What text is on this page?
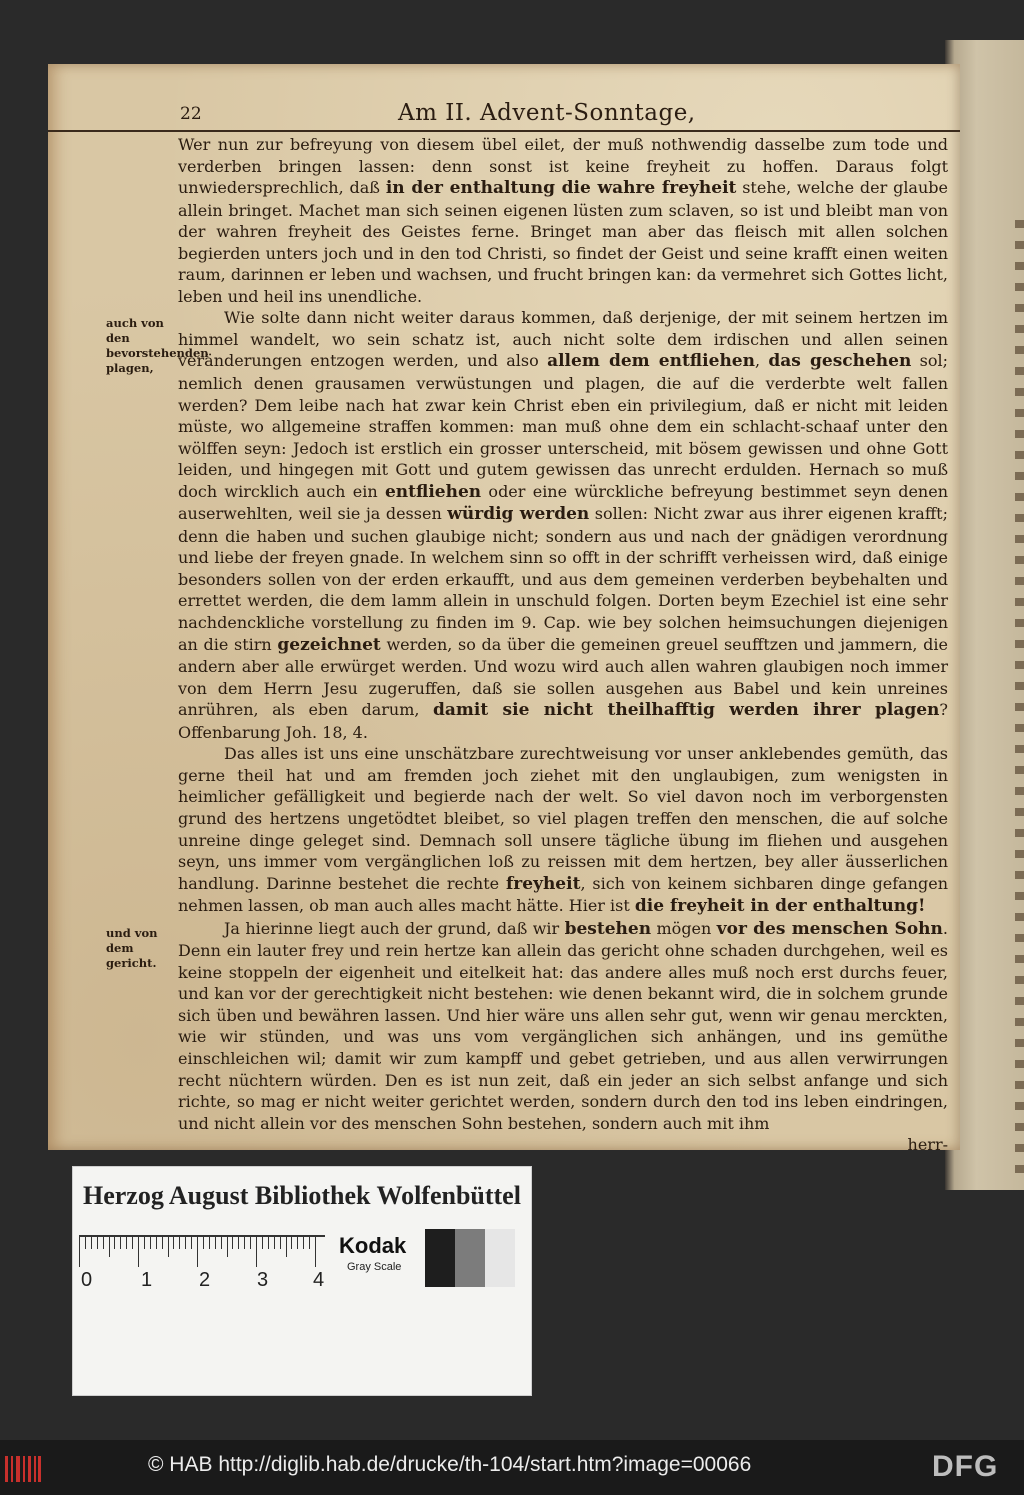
22	Am II. Advent-Sonntage,
auch von den bevorstehenden plagen,
und von dem gericht.

Wer nun zur befreyung von diesem übel eilet, der muß nothwendig dasselbe zum tode und verderben bringen lassen: denn sonst ist keine freyheit zu hoffen. Daraus folgt unwiedersprechlich, daß in der enthaltung die wahre freyheit stehe, welche der glaube allein bringet. Machet man sich seinen eigenen lüsten zum sclaven, so ist und bleibt man von der wahren freyheit des Geistes ferne. Bringet man aber das fleisch mit allen solchen begierden unters joch und in den tod Christi, so findet der Geist und seine krafft einen weiten raum, darinnen er leben und wachsen, und frucht bringen kan: da vermehret sich Gottes licht, leben und heil ins unendliche.

Wie solte dann nicht weiter daraus kommen, daß derjenige, der mit seinem hertzen im himmel wandelt, wo sein schatz ist, auch nicht solte dem irdischen und allen seinen veränderungen entzogen werden, und also allem dem entfliehen, das geschehen sol; nemlich denen grausamen verwüstungen und plagen, die auf die verderbte welt fallen werden? Dem leibe nach hat zwar kein Christ eben ein privilegium, daß er nicht mit leiden müste, wo allgemeine straffen kommen: man muß ohne dem ein schlacht-schaaf unter den wölffen seyn: Jedoch ist erstlich ein grosser unterscheid, mit bösem gewissen und ohne Gott leiden, und hingegen mit Gott und gutem gewissen das unrecht erdulden. Hernach so muß doch wircklich auch ein entfliehen oder eine würckliche befreyung bestimmet seyn denen auserwehlten, weil sie ja dessen würdig werden sollen: Nicht zwar aus ihrer eigenen krafft; denn die haben und suchen glaubige nicht; sondern aus und nach der gnädigen verordnung und liebe der freyen gnade. In welchem sinn so offt in der schrifft verheissen wird, daß einige besonders sollen von der erden erkaufft, und aus dem gemeinen verderben beybehalten und errettet werden, die dem lamm allein in unschuld folgen. Dorten beym Ezechiel ist eine sehr nachdenckliche vorstellung zu finden im 9. Cap. wie bey solchen heimsuchungen diejenigen an die stirn gezeichnet werden, so da über die gemeinen greuel seufftzen und jammern, die andern aber alle erwürget werden. Und wozu wird auch allen wahren glaubigen noch immer von dem Herrn Jesu zugeruffen, daß sie sollen ausgehen aus Babel und kein unreines anrühren, als eben darum, damit sie nicht theilhafftig werden ihrer plagen? Offenbarung Joh. 18, 4.

Das alles ist uns eine unschätzbare zurechtweisung vor unser anklebendes gemüth, das gerne theil hat und am fremden joch ziehet mit den unglaubigen, zum wenigsten in heimlicher gefälligkeit und begierde nach der welt. So viel davon noch im verborgensten grund des hertzens ungetödtet bleibet, so viel plagen treffen den menschen, die auf solche unreine dinge geleget sind. Demnach soll unsere tägliche übung im fliehen und ausgehen seyn, uns immer vom vergänglichen loß zu reissen mit dem hertzen, bey aller äusserlichen handlung. Darinne bestehet die rechte freyheit, sich von keinem sichbaren dinge gefangen nehmen lassen, ob man auch alles macht hätte. Hier ist die freyheit in der enthaltung!

Ja hierinne liegt auch der grund, daß wir bestehen mögen vor des menschen Sohn. Denn ein lauter frey und rein hertze kan allein das gericht ohne schaden durchgehen, weil es keine stoppeln der eigenheit und eitelkeit hat: das andere alles muß noch erst durchs feuer, und kan vor der gerechtigkeit nicht bestehen: wie denen bekannt wird, die in solchem grunde sich üben und bewähren lassen. Und hier wäre uns allen sehr gut, wenn wir genau merckten, wie wir stünden, und was uns vom vergänglichen sich anhängen, und ins gemüthe einschleichen wil; damit wir zum kampff und gebet getrieben, und aus allen verwirrungen recht nüchtern würden. Den es ist nun zeit, daß ein jeder an sich selbst anfange und sich richte, so mag er nicht weiter gerichtet werden, sondern durch den tod ins leben eindringen, und nicht allein vor des menschen Sohn bestehen, sondern auch mit ihm

herr-
Herzog August Bibliothek Wolfenbüttel
0 1 2 3 4
Kodak
Gray Scale
© HAB http://diglib.hab.de/drucke/th-104/start.htm?image=00066	DFG
